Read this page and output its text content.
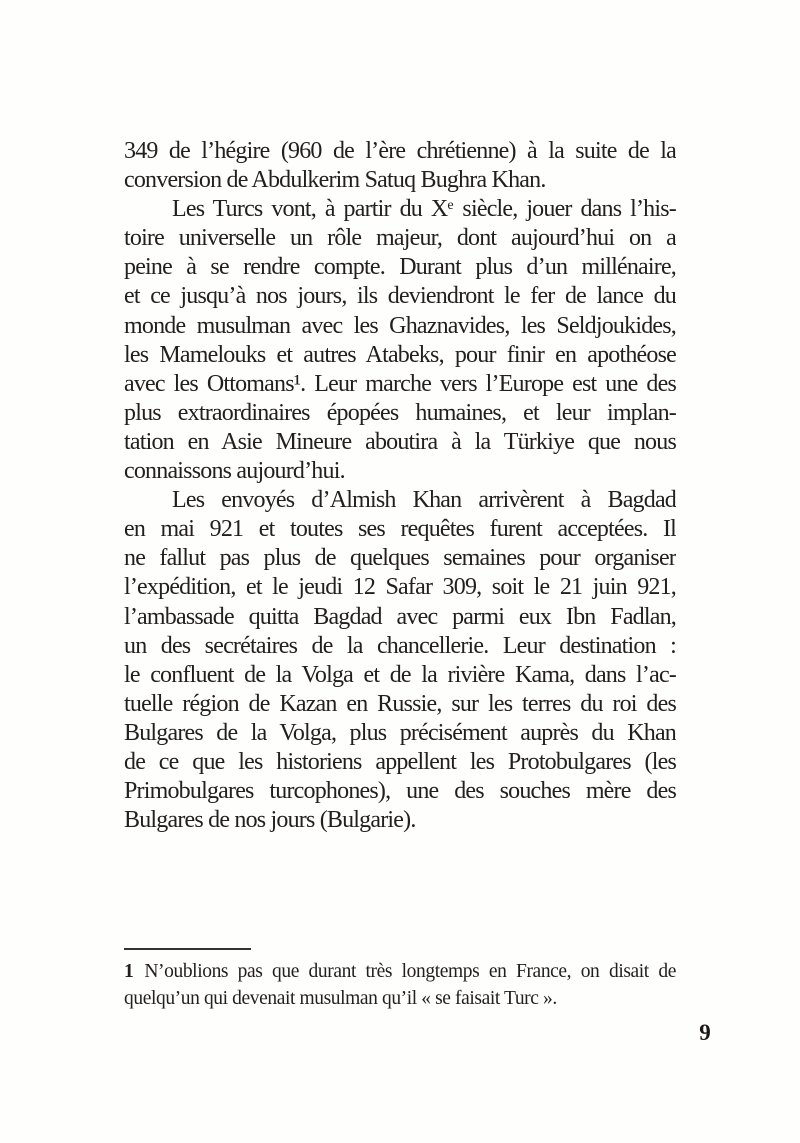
349 de l’hégire (960 de l’ère chrétienne) à la suite de la
conversion de Abdulkerim Satuq Bughra Khan.
Les Turcs vont, à partir du Xe siècle, jouer dans l’his-
toire universelle un rôle majeur, dont aujourd’hui on a
peine à se rendre compte. Durant plus d’un millénaire,
et ce jusqu’à nos jours, ils deviendront le fer de lance du
monde musulman avec les Ghaznavides, les Seldjoukides,
les Mamelouks et autres Atabeks, pour finir en apothéose
avec les Ottomans¹. Leur marche vers l’Europe est une des
plus extraordinaires épopées humaines, et leur implan-
tation en Asie Mineure aboutira à la Türkiye que nous
connaissons aujourd’hui.
Les envoyés d’Almish Khan arrivèrent à Bagdad
en mai 921 et toutes ses requêtes furent acceptées. Il
ne fallut pas plus de quelques semaines pour organiser
l’expédition, et le jeudi 12 Safar 309, soit le 21 juin 921,
l’ambassade quitta Bagdad avec parmi eux Ibn Fadlan,
un des secrétaires de la chancellerie. Leur destination :
le confluent de la Volga et de la rivière Kama, dans l’ac-
tuelle région de Kazan en Russie, sur les terres du roi des
Bulgares de la Volga, plus précisément auprès du Khan
de ce que les historiens appellent les Protobulgares (les
Primobulgares turcophones), une des souches mère des
Bulgares de nos jours (Bulgarie).
1 N’oublions pas que durant très longtemps en France, on disait de
quelqu’un qui devenait musulman qu’il « se faisait Turc ».
9
